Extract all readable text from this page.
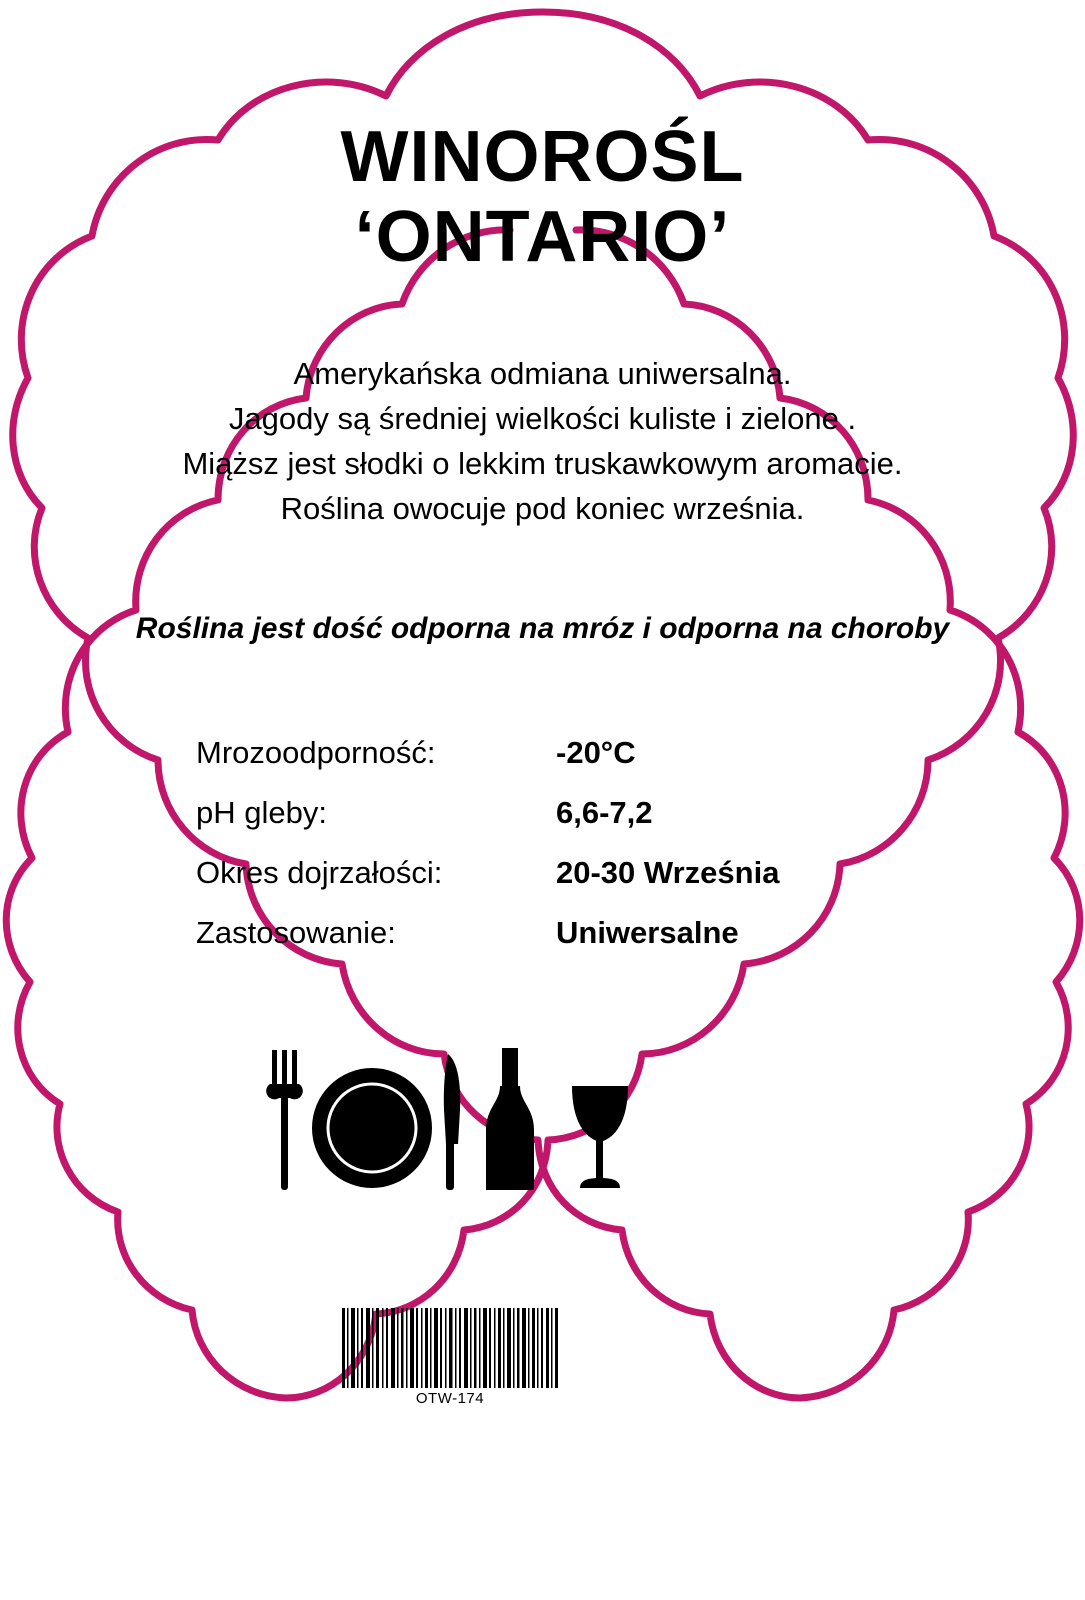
WINOROŚL
‘ONTARIO’
Amerykańska odmiana uniwersalna.
Jagody są średniej wielkości kuliste i zielone .
Miąższ jest słodki o lekkim truskawkowym aromacie.
Roślina owocuje pod koniec września.
Roślina jest dość odporna na mróz i odporna na choroby
Mrozoodporność:	-20°C
pH gleby:	6,6-7,2
Okres dojrzałości:	20-30 Września
Zastosowanie:	Uniwersalne
OTW-174
